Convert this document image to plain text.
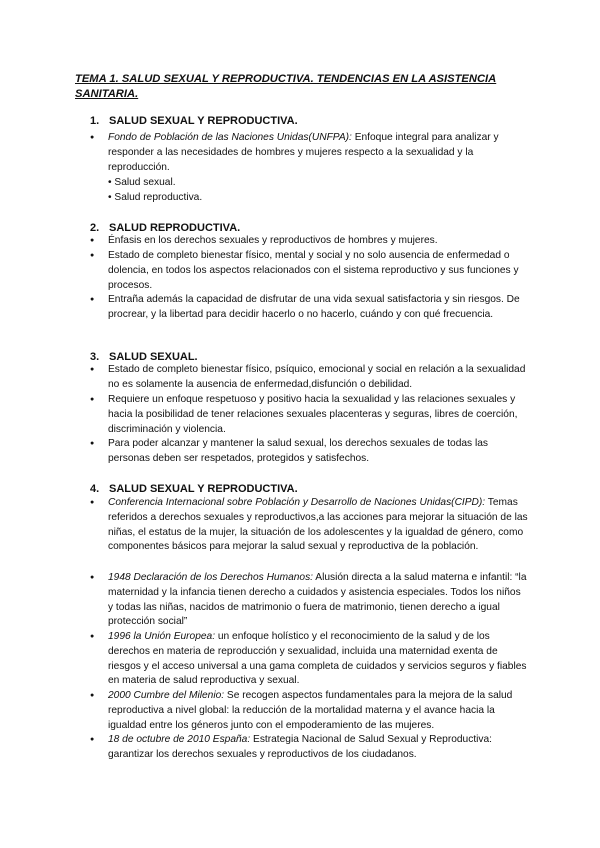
TEMA 1. SALUD SEXUAL Y REPRODUCTIVA. TENDENCIAS EN LA ASISTENCIA SANITARIA.
1. SALUD SEXUAL Y REPRODUCTIVA.
● Fondo de Población de las Naciones Unidas(UNFPA): Enfoque integral para analizar y responder a las necesidades de hombres y mujeres respecto a la sexualidad y la reproducción.
• Salud sexual.
• Salud reproductiva.
2. SALUD REPRODUCTIVA.
● Énfasis en los derechos sexuales y reproductivos de hombres y mujeres.
● Estado de completo bienestar físico, mental y social y no solo ausencia de enfermedad o dolencia, en todos los aspectos relacionados con el sistema reproductivo y sus funciones y procesos.
● Entraña además la capacidad de disfrutar de una vida sexual satisfactoria y sin riesgos. De procrear, y la libertad para decidir hacerlo o no hacerlo, cuándo y con qué frecuencia.
3. SALUD SEXUAL.
● Estado de completo bienestar físico, psíquico, emocional y social en relación a la sexualidad no es solamente la ausencia de enfermedad,disfunción o debilidad.
● Requiere un enfoque respetuoso y positivo hacia la sexualidad y las relaciones sexuales y hacia la posibilidad de tener relaciones sexuales placenteras y seguras, libres de coerción, discriminación y violencia.
● Para poder alcanzar y mantener la salud sexual, los derechos sexuales de todas las personas deben ser respetados, protegidos y satisfechos.
4. SALUD SEXUAL Y REPRODUCTIVA.
● Conferencia Internacional sobre Población y Desarrollo de Naciones Unidas(CIPD): Temas referidos a derechos sexuales y reproductivos,a las acciones para mejorar la situación de las niñas, el estatus de la mujer, la situación de los adolescentes y la igualdad de género, como componentes básicos para mejorar la salud sexual y reproductiva de la población.
● 1948 Declaración de los Derechos Humanos: Alusión directa a la salud materna e infantil: “la maternidad y la infancia tienen derecho a cuidados y asistencia especiales. Todos los niños y todas las niñas, nacidos de matrimonio o fuera de matrimonio, tienen derecho a igual protección social”
● 1996 la Unión Europea: un enfoque holístico y el reconocimiento de la salud y de los derechos en materia de reproducción y sexualidad, incluida una maternidad exenta de riesgos y el acceso universal a una gama completa de cuidados y servicios seguros y fiables en materia de salud reproductiva y sexual.
● 2000 Cumbre del Milenio: Se recogen aspectos fundamentales para la mejora de la salud reproductiva a nivel global: la reducción de la mortalidad materna y el avance hacia la igualdad entre los géneros junto con el empoderamiento de las mujeres.
● 18 de octubre de 2010 España: Estrategia Nacional de Salud Sexual y Reproductiva: garantizar los derechos sexuales y reproductivos de los ciudadanos.
